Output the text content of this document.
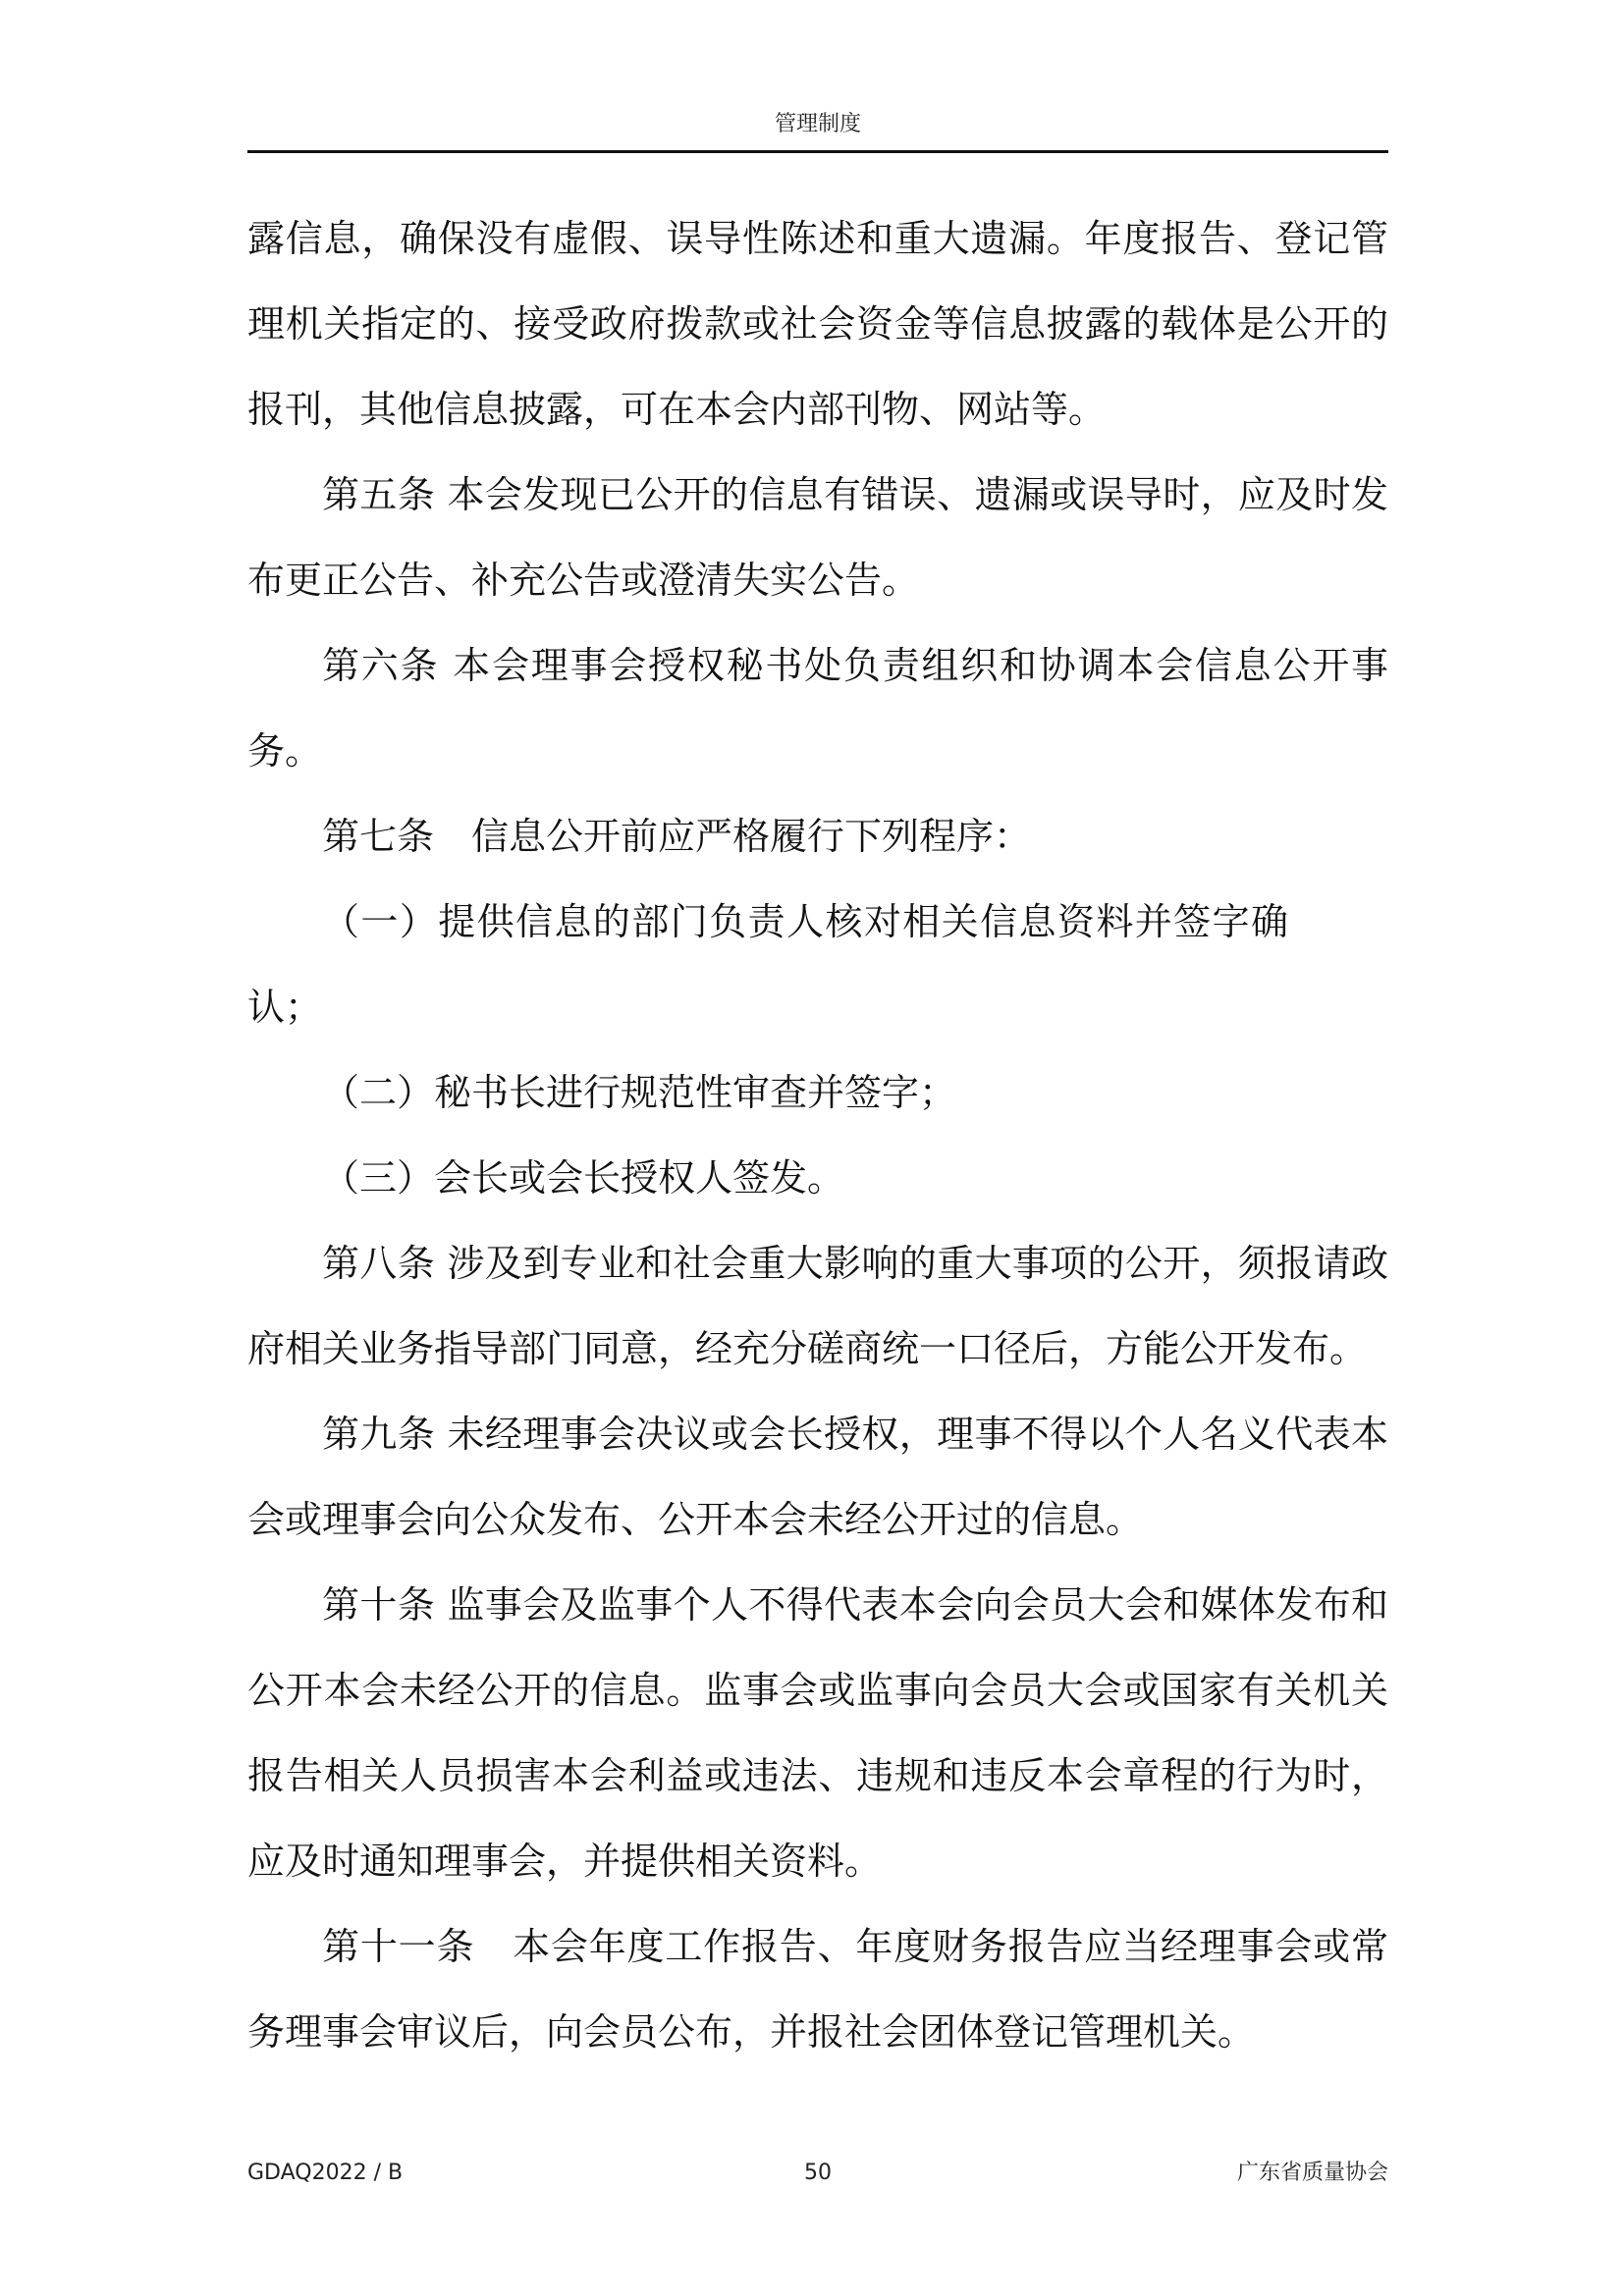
管理制度

露信息，确保没有虚假、误导性陈述和重大遗漏。年度报告、登记管理机关指定的、接受政府拨款或社会资金等信息披露的载体是公开的报刊，其他信息披露，可在本会内部刊物、网站等。

第五条 本会发现已公开的信息有错误、遗漏或误导时，应及时发布更正公告、补充公告或澄清失实公告。

第六条 本会理事会授权秘书处负责组织和协调本会信息公开事务。

第七条　信息公开前应严格履行下列程序：

（一）提供信息的部门负责人核对相关信息资料并签字确认；

（二）秘书长进行规范性审查并签字；

（三）会长或会长授权人签发。

第八条 涉及到专业和社会重大影响的重大事项的公开，须报请政府相关业务指导部门同意，经充分磋商统一口径后，方能公开发布。

第九条 未经理事会决议或会长授权，理事不得以个人名义代表本会或理事会向公众发布、公开本会未经公开过的信息。

第十条 监事会及监事个人不得代表本会向会员大会和媒体发布和公开本会未经公开的信息。监事会或监事向会员大会或国家有关机关报告相关人员损害本会利益或违法、违规和违反本会章程的行为时，应及时通知理事会，并提供相关资料。

第十一条　本会年度工作报告、年度财务报告应当经理事会或常务理事会审议后，向会员公布，并报社会团体登记管理机关。

GDAQ2022 / B	50	广东省质量协会
